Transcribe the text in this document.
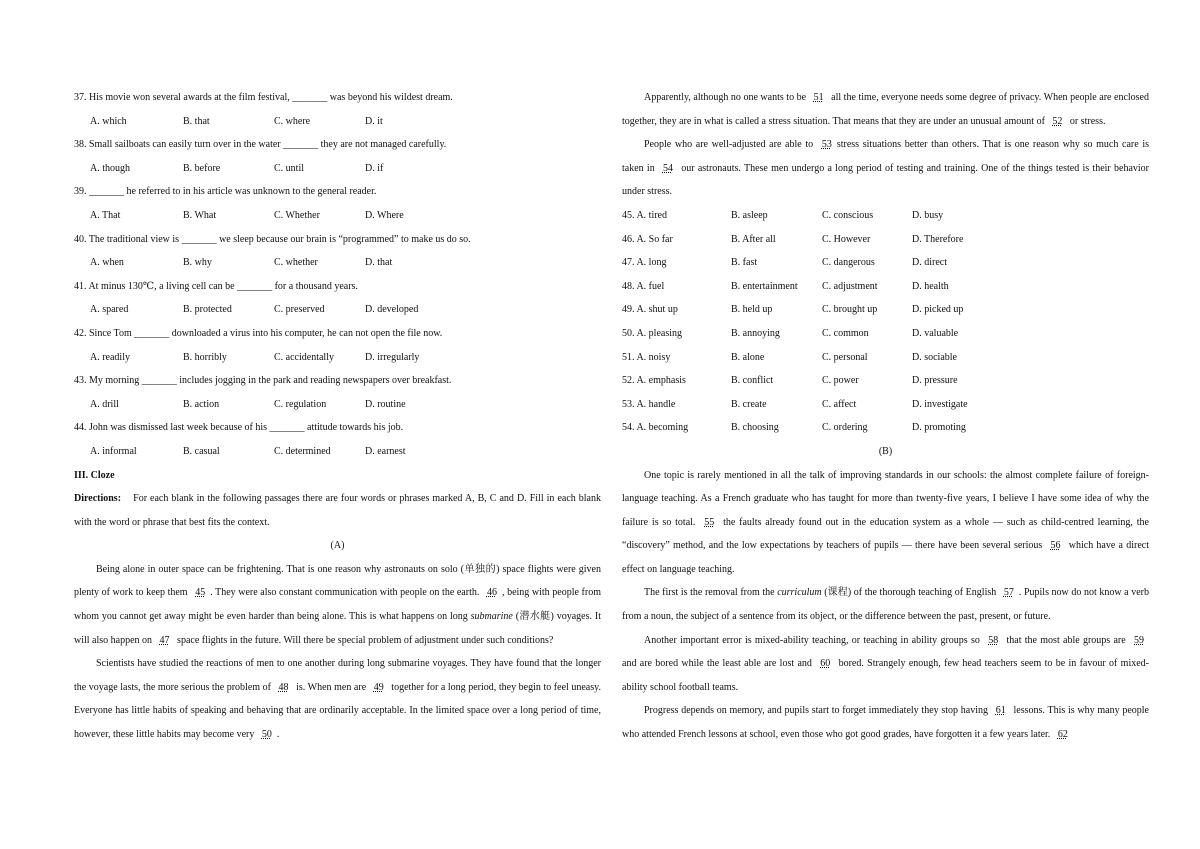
37. His movie won several awards at the film festival, _______ was beyond his wildest dream.
A. which	B. that	C. where	D. it
38. Small sailboats can easily turn over in the water _______ they are not managed carefully.
A. though	B. before	C. until	D. if
39. _______ he referred to in his article was unknown to the general reader.
A. That	B. What	C. Whether	D. Where
40. The traditional view is _______ we sleep because our brain is “programmed” to make us do so.
A. when	B. why	C. whether	D. that
41. At minus 130℃, a living cell can be _______ for a thousand years.
A. spared	B. protected	C. preserved	D. developed
42. Since Tom _______ downloaded a virus into his computer, he can not open the file now.
A. readily	B. horribly	C. accidentally	D. irregularly
43. My morning _______ includes jogging in the park and reading newspapers over breakfast.
A. drill	B. action	C. regulation	D. routine
44. John was dismissed last week because of his _______ attitude towards his job.
A. informal	B. casual	C. determined	D. earnest
III. Cloze
Directions: For each blank in the following passages there are four words or phrases marked A, B, C and D. Fill in each blank with the word or phrase that best fits the context.
(A)
Being alone in outer space can be frightening. That is one reason why astronauts on solo (单独的) space flights were given plenty of work to keep them 45 . They were also constant communication with people on the earth. 46 , being with people from whom you cannot get away might be even harder than being alone. This is what happens on long submarine (潜水艇) voyages. It will also happen on 47 space flights in the future. Will there be special problem of adjustment under such conditions?
Scientists have studied the reactions of men to one another during long submarine voyages. They have found that the longer the voyage lasts, the more serious the problem of 48 is. When men are 49 together for a long period, they begin to feel uneasy. Everyone has little habits of speaking and behaving that are ordinarily acceptable. In the limited space over a long period of time, however, these little habits may become very 50 .
Apparently, although no one wants to be 51 all the time, everyone needs some degree of privacy. When people are enclosed together, they are in what is called a stress situation. That means that they are under an unusual amount of 52 or stress.
People who are well-adjusted are able to 53 stress situations better than others. That is one reason why so much care is taken in 54 our astronauts. These men undergo a long period of testing and training. One of the things tested is their behavior under stress.
45. A. tired	B. asleep	C. conscious	D. busy
46. A. So far	B. After all	C. However	D. Therefore
47. A. long	B. fast	C. dangerous	D. direct
48. A. fuel	B. entertainment C. adjustment	D. health
49. A. shut up	B. held up	C. brought up	D. picked up
50. A. pleasing	B. annoying	C. common	D. valuable
51. A. noisy	B. alone	C. personal	D. sociable
52. A. emphasis	B. conflict	C. power	D. pressure
53. A. handle	B. create	C. affect	D. investigate
54. A. becoming	B. choosing	C. ordering	D. promoting
(B)
One topic is rarely mentioned in all the talk of improving standards in our schools: the almost complete failure of foreign-language teaching. As a French graduate who has taught for more than twenty-five years, I believe I have some idea of why the failure is so total. 55 the faults already found out in the education system as a whole — such as child-centred learning, the “discovery” method, and the low expectations by teachers of pupils — there have been several serious 56 which have a direct effect on language teaching.
The first is the removal from the curriculum (课程) of the thorough teaching of English 57 . Pupils now do not know a verb from a noun, the subject of a sentence from its object, or the difference between the past, present, or future.
Another important error is mixed-ability teaching, or teaching in ability groups so 58 that the most able groups are 59 and are bored while the least able are lost and 60 bored. Strangely enough, few head teachers seem to be in favour of mixed-ability school football teams.
Progress depends on memory, and pupils start to forget immediately they stop having 61 lessons. This is why many people who attended French lessons at school, even those who got good grades, have forgotten it a few years later. 62
